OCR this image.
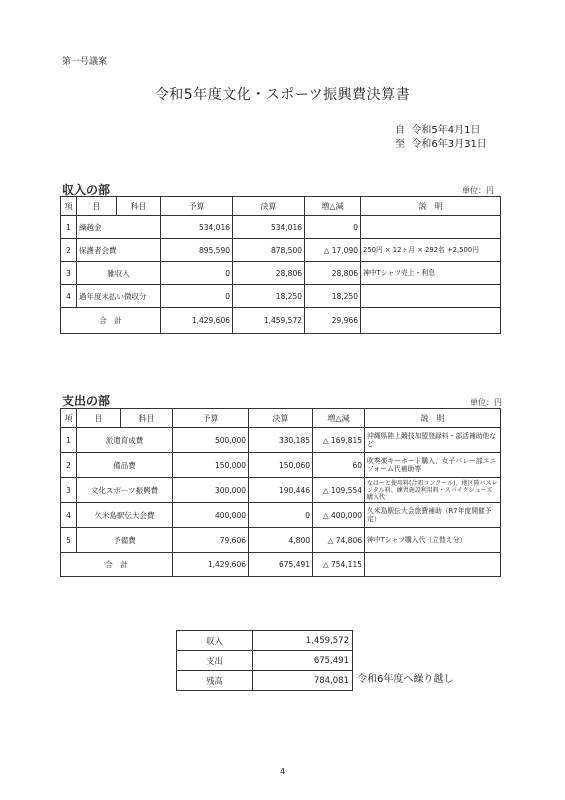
第一号議案
令和5年度文化・スポーツ振興費決算書
自 令和5年4月1日
至 令和6年3月31日
収入の部	単位：円
項	目	科目	予算	決算	増△減	説　明
1	繰越金		534,016	534,016	0	
2	保護者会費		895,590	878,500	△ 17,090	250円 × 12ヶ月 × 292名 +2,500円
3	雑収入		0	28,806	28,806	神中Tシャツ売上・利息
4	過年度未払い徴収分		0	18,250	18,250	
合　計			1,429,606	1,459,572	29,966	
支出の部	単位：円
項	目	科目	予算	決算	増△減	説　明
1	派遣育成費		500,000	330,185	△ 169,815	沖縄県陸上競技加盟登録料・部活補助他など
2	備品費		150,000	150,060	60	吹奏楽キーボード購入、女子バレー部ユニフォーム代補助等
3	文化スポーツ振興費		300,000	190,446	△ 109,554	なはーと使用料(合唱コンクール)、地区陸バスレンタル料、練習施設利用料・スパイクシューズ購入代
4	久米島駅伝大会費		400,000	0	△ 400,000	久米島駅伝大会旅費補助（R7年度開催予定）
5	予備費		79,606	4,800	△ 74,806	神中Tシャツ購入代（立替え分）
合　計			1,429,606	675,491	△ 754,115	
収入	1,459,572
支出	675,491
残高	784,081 令和6年度へ繰り越し
4
